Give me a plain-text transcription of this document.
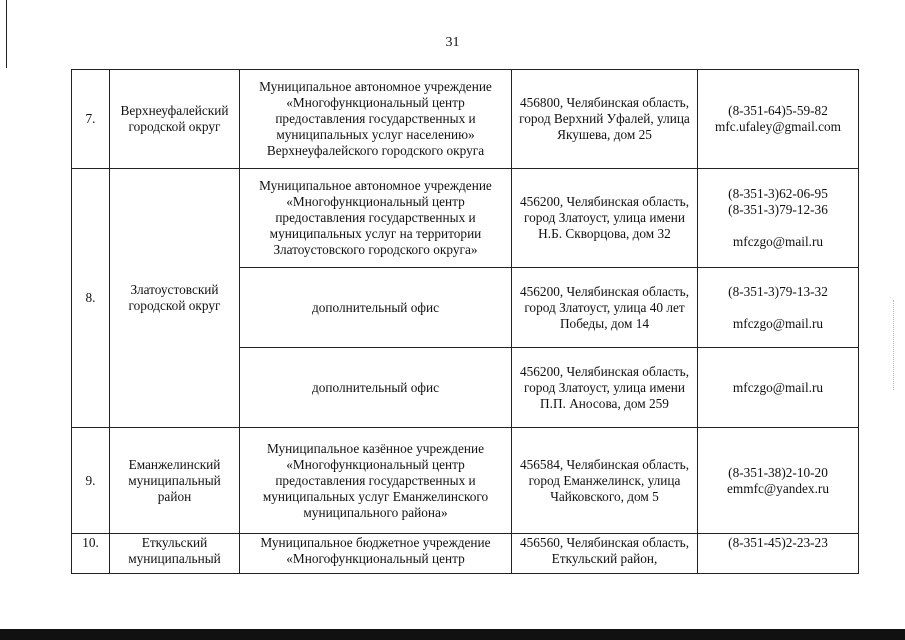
31
7.	Верхнеуфалейский городской округ	Муниципальное автономное учреждение «Многофункциональный центр предоставления государственных и муниципальных услуг населению» Верхнеуфалейского городского округа	456800, Челябинская область, город Верхний Уфалей, улица Якушева, дом 25	(8-351-64)5-59-82
mfc.ufaley@gmail.com

8.	Златоустовский городской округ	Муниципальное автономное учреждение «Многофункциональный центр предоставления государственных и муниципальных услуг на территории Златоустовского городского округа»	456200, Челябинская область, город Златоуст, улица имени Н.Б. Скворцова, дом 32	(8-351-3)62-06-95
(8-351-3)79-12-36
mfczgo@mail.ru

		дополнительный офис	456200, Челябинская область, город Златоуст, улица 40 лет Победы, дом 14	(8-351-3)79-13-32
mfczgo@mail.ru

		дополнительный офис	456200, Челябинская область, город Златоуст, улица имени П.П. Аносова, дом 259	mfczgo@mail.ru

9.	Еманжелинский муниципальный район	Муниципальное казённое учреждение «Многофункциональный центр предоставления государственных и муниципальных услуг Еманжелинского муниципального района»	456584, Челябинская область, город Еманжелинск, улица Чайковского, дом 5	(8-351-38)2-10-20
emmfc@yandex.ru

10.	Еткульский муниципальный	Муниципальное бюджетное учреждение «Многофункциональный центр	456560, Челябинская область, Еткульский район,	(8-351-45)2-23-23
